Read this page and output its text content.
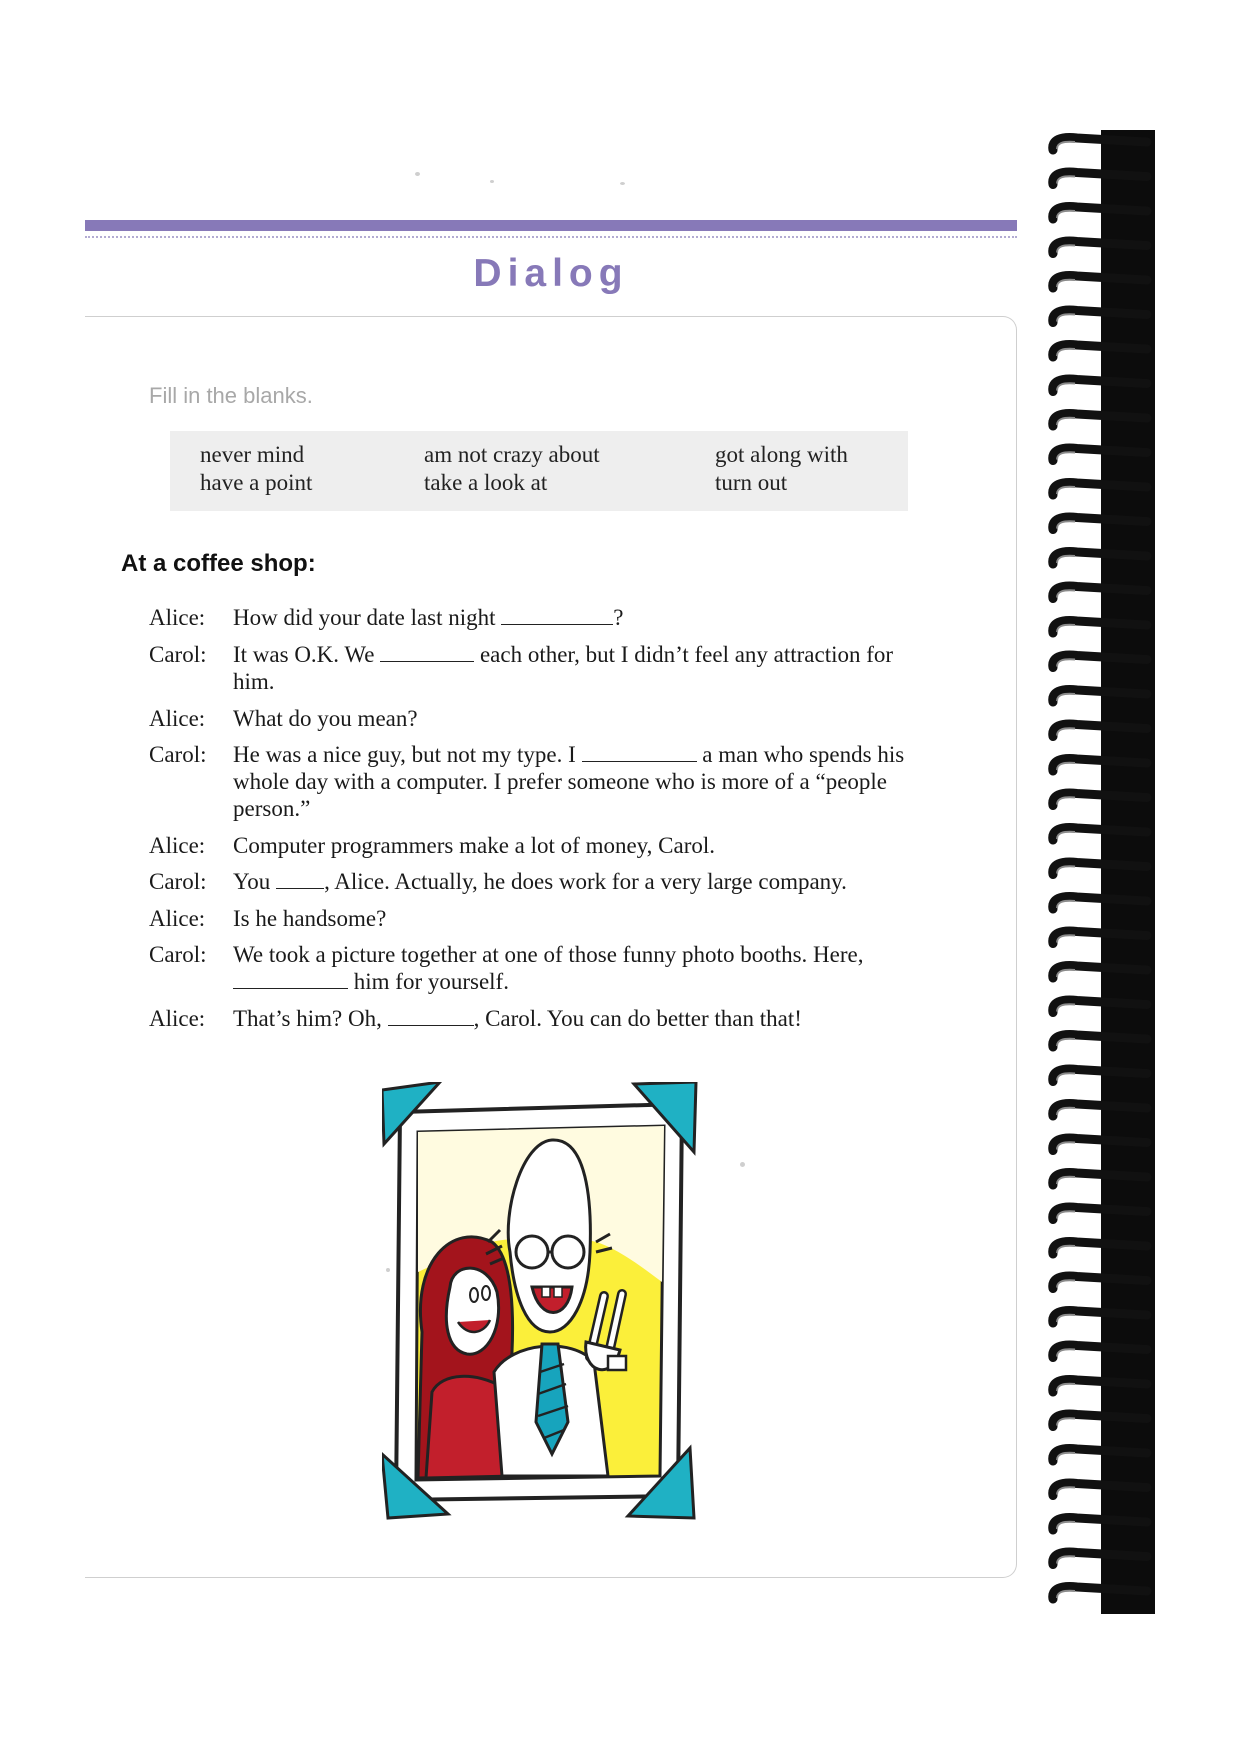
Dialog
Fill in the blanks.
never mind	am not crazy about	got along with
have a point	take a look at	turn out
At a coffee shop:
Alice: How did your date last night	?
Carol: It was O.K. We	each other, but I didn’t feel any attraction for him.
Alice: What do you mean?
Carol: He was a nice guy, but not my type. I	a man who spends his whole day with a computer. I prefer someone who is more of a “people person.”
Alice: Computer programmers make a lot of money, Carol.
Carol: You , Alice. Actually, he does work for a very large company.
Alice: Is he handsome?
Carol: We took a picture together at one of those funny photo booths. Here,  him for yourself.
Alice: That’s him? Oh,	, Carol. You can do better than that!
